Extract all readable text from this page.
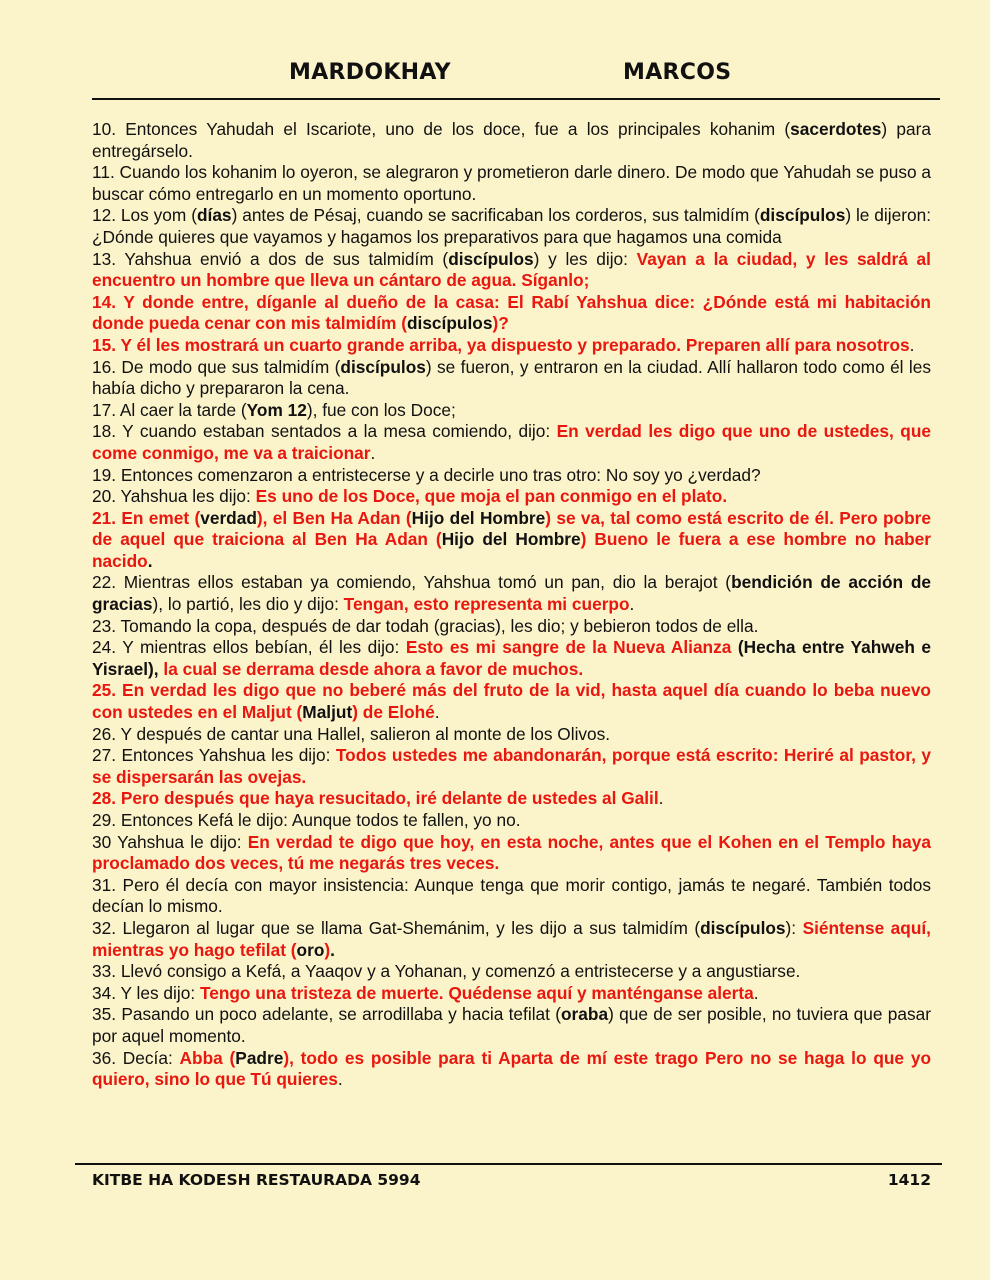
MARDOKHAY	MARCOS
10. Entonces Yahudah el Iscariote, uno de los doce, fue a los principales kohanim (sacerdotes) para entregárselo.
11. Cuando los kohanim lo oyeron, se alegraron y prometieron darle dinero. De modo que Yahudah se puso a buscar cómo entregarlo en un momento oportuno.
12. Los yom (días) antes de Pésaj, cuando se sacrificaban los corderos, sus talmidím (discípulos) le dijeron: ¿Dónde quieres que vayamos y hagamos los preparativos para que hagamos una comida
13. Yahshua envió a dos de sus talmidím (discípulos) y les dijo: Vayan a la ciudad, y les saldrá al encuentro un hombre que lleva un cántaro de agua. Síganlo;
14. Y donde entre, díganle al dueño de la casa: El Rabí Yahshua dice: ¿Dónde está mi habitación donde pueda cenar con mis talmidím (discípulos)?
15. Y él les mostrará un cuarto grande arriba, ya dispuesto y preparado. Preparen allí para nosotros.
16. De modo que sus talmidím (discípulos) se fueron, y entraron en la ciudad. Allí hallaron todo como él les había dicho y prepararon la cena.
17. Al caer la tarde (Yom 12), fue con los Doce;
18. Y cuando estaban sentados a la mesa comiendo, dijo: En verdad les digo que uno de ustedes, que come conmigo, me va a traicionar.
19. Entonces comenzaron a entristecerse y a decirle uno tras otro: No soy yo ¿verdad?
20. Yahshua les dijo: Es uno de los Doce, que moja el pan conmigo en el plato.
21. En emet (verdad), el Ben Ha Adan (Hijo del Hombre) se va, tal como está escrito de él. Pero pobre de aquel que traiciona al Ben Ha Adan (Hijo del Hombre) Bueno le fuera a ese hombre no haber nacido.
22. Mientras ellos estaban ya comiendo, Yahshua tomó un pan, dio la berajot (bendición de acción de gracias), lo partió, les dio y dijo: Tengan, esto representa mi cuerpo.
23. Tomando la copa, después de dar todah (gracias), les dio; y bebieron todos de ella.
24. Y mientras ellos bebían, él les dijo: Esto es mi sangre de la Nueva Alianza (Hecha entre Yahweh e Yisrael), la cual se derrama desde ahora a favor de muchos.
25. En verdad les digo que no beberé más del fruto de la vid, hasta aquel día cuando lo beba nuevo con ustedes en el Maljut (Maljut) de Elohé.
26. Y después de cantar una Hallel, salieron al monte de los Olivos.
27. Entonces Yahshua les dijo: Todos ustedes me abandonarán, porque está escrito: Heriré al pastor, y se dispersarán las ovejas.
28. Pero después que haya resucitado, iré delante de ustedes al Galil.
29. Entonces Kefá le dijo: Aunque todos te fallen, yo no.
30 Yahshua le dijo: En verdad te digo que hoy, en esta noche, antes que el Kohen en el Templo haya proclamado dos veces, tú me negarás tres veces.
31. Pero él decía con mayor insistencia: Aunque tenga que morir contigo, jamás te negaré. También todos decían lo mismo.
32. Llegaron al lugar que se llama Gat-Shemánim, y les dijo a sus talmidím (discípulos): Siéntense aquí, mientras yo hago tefilat (oro).
33. Llevó consigo a Kefá, a Yaaqov y a Yohanan, y comenzó a entristecerse y a angustiarse.
34. Y les dijo: Tengo una tristeza de muerte. Quédense aquí y manténganse alerta.
35. Pasando un poco adelante, se arrodillaba y hacia tefilat (oraba) que de ser posible, no tuviera que pasar por aquel momento.
36. Decía: Abba (Padre), todo es posible para ti Aparta de mí este trago Pero no se haga lo que yo quiero, sino lo que Tú quieres.
KITBE HA KODESH RESTAURADA 5994	1412
